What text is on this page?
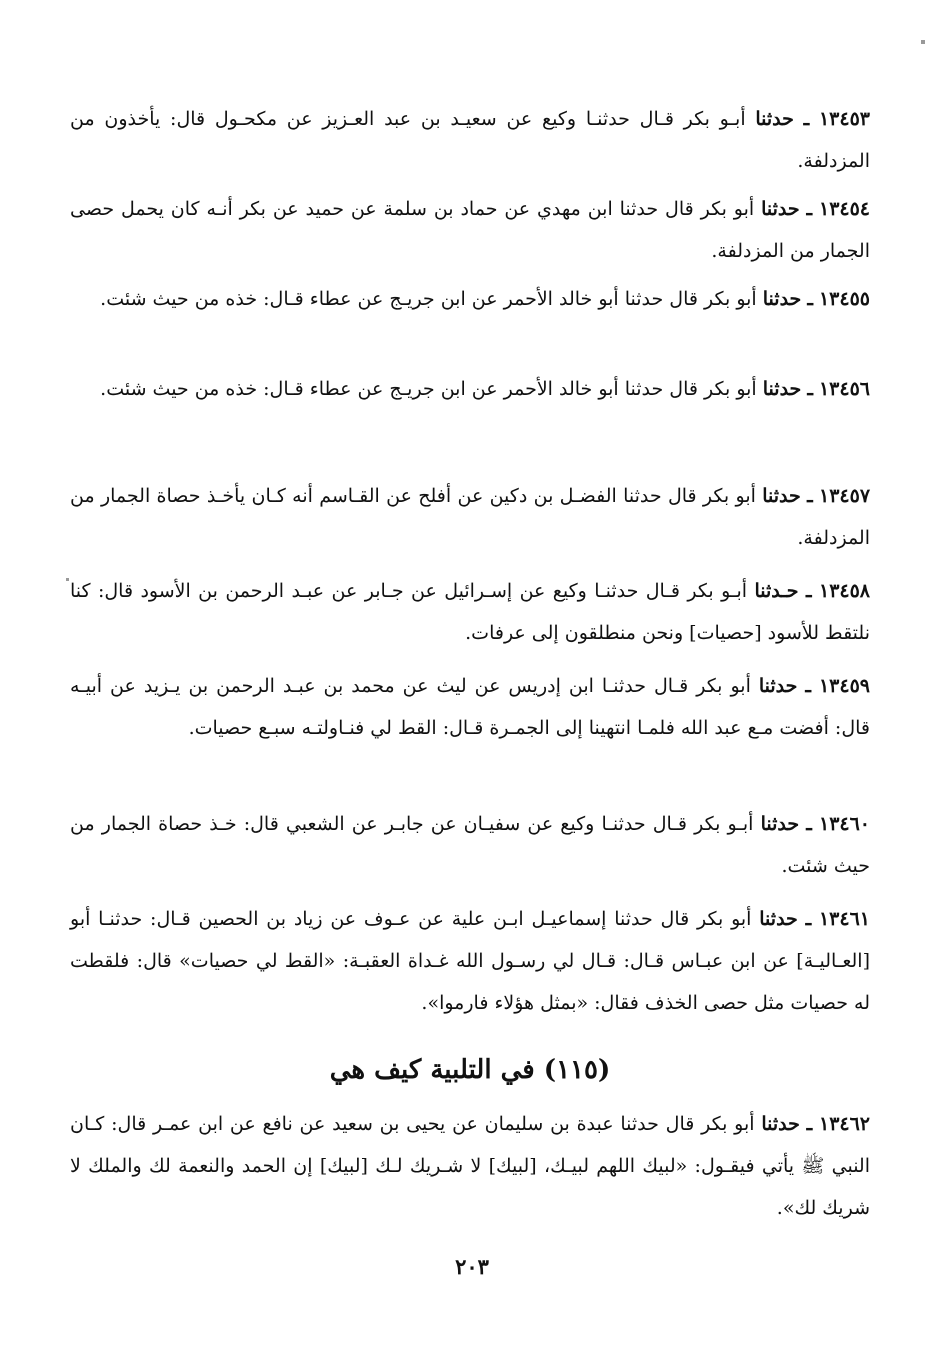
١٣٤٥٣ ـ حدثنا أبـو بكر قـال حدثنـا وكيع عن سعيـد بن عبد العـزيز عن مكحـول قال: يأخذون من المزدلفة.
١٣٤٥٤ ـ حدثنا أبو بكر قال حدثنا ابن مهدي عن حماد بن سلمة عن حميد عن بكر أنـه كان يحمل حصى الجمار من المزدلفة.
١٣٤٥٥ ـ حدثنا أبو بكر قال حدثنا أبو خالد الأحمر عن ابن جريـج عن عطاء قـال: خذه من حيث شئت.
١٣٤٥٦ ـ حدثنا أبو بكر قال حدثنا أبو خالد الأحمر عن ابن جريـج عن عطاء قـال: خذه من حيث شئت.
١٣٤٥٧ ـ حدثنا أبو بكر قال حدثنا الفضـل بن دكين عن أفلح عن القـاسم أنه كـان يأخـذ حصاة الجمار من المزدلفة.
١٣٤٥٨ ـ حـدثنا أبـو بكر قـال حدثنـا وكيع عن إسـرائيل عن جـابر عن عبـد الرحمن بن الأسود قال: كنا نلتقط للأسود [حصيات] ونحن منطلقون إلى عرفات.
١٣٤٥٩ ـ حدثنا أبو بكر قـال حدثنـا ابن إدريس عن ليث عن محمد بن عبـد الرحمن بن يـزيد عن أبيـه قال: أفضت مـع عبد الله فلمـا انتهينا إلى الجمـرة قـال: القط لي فنـاولتـه سبـع حصيات.
١٣٤٦٠ ـ حدثنا أبـو بكر قـال حدثنـا وكيع عن سفيـان عن جابـر عن الشعبي قال: خـذ حصاة الجمار من حيث شئت.
١٣٤٦١ ـ حدثنا أبو بكر قال حدثنا إسماعيـل ابـن علية عن عـوف عن زياد بن الحصين قـال: حدثنـا أبو [العـاليـة] عن ابن عبـاس قـال: قـال لي رسـول الله غـداة العقبـة: «القط لي حصيات» قال: فلقطت له حصيات مثل حصى الخذف فقال: «بمثل هؤلاء فارموا».
(١١٥) في التلبية كيف هي
١٣٤٦٢ ـ حدثنا أبو بكر قال حدثنا عبدة بن سليمان عن يحيى بن سعيد عن نافع عن ابن عمـر قال: كـان النبي ﷺ يأتي فيقـول: «لبيك اللهم لبيـك، [لبيك] لا شـريك لـك [لبيك] إن الحمد والنعمة لك والملك لا شريك لك».
٢٠٣
